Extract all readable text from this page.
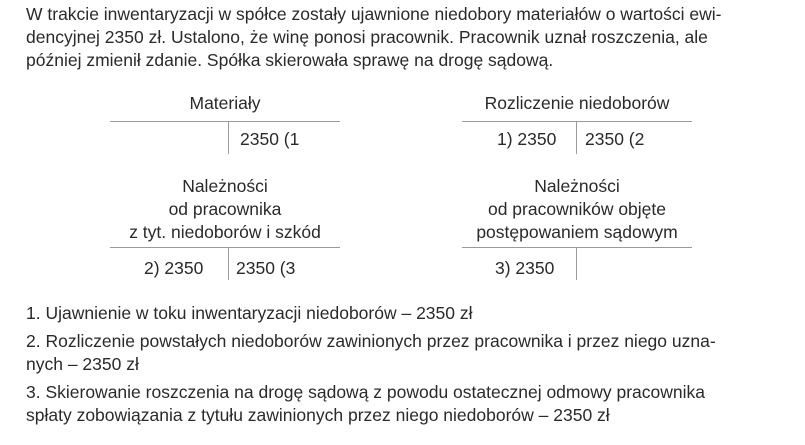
W trakcie inwentaryzacji w spółce zostały ujawnione niedobory materiałów o wartości ewi-
dencyjnej 2350 zł. Ustalono, że winę ponosi pracownik. Pracownik uznał roszczenia, ale
później zmienił zdanie. Spółka skierowała sprawę na drogę sądową.
Materiały
2350 (1
Rozliczenie niedoborów
1) 2350 2350 (2
Należności
od pracownika
z tyt. niedoborów i szkód
2) 2350 2350 (3
Należności
od pracowników objęte
postępowaniem sądowym
3) 2350
1. Ujawnienie w toku inwentaryzacji niedoborów – 2350 zł
2. Rozliczenie powstałych niedoborów zawinionych przez pracownika i przez niego uzna-
nych – 2350 zł
3. Skierowanie roszczenia na drogę sądową z powodu ostatecznej odmowy pracownika
spłaty zobowiązania z tytułu zawinionych przez niego niedoborów – 2350 zł
